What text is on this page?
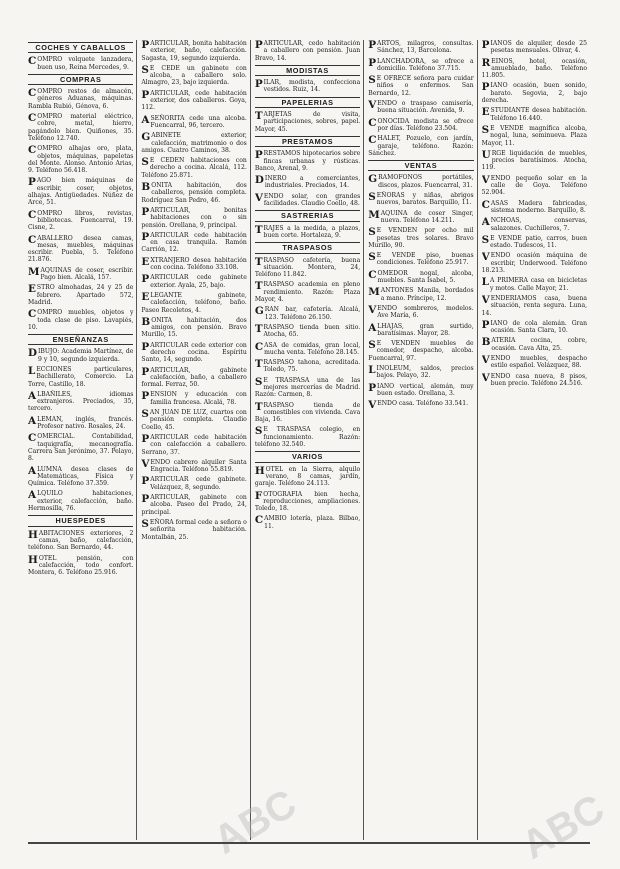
COCHES Y CABALLOS
COMPRO volquete lanzadera, buen uso, Reina Mercedes, 9.
COMPRAS
COMPRO restos de almacén, géneros Aduanas, máquinas. Rambla Rubió, Génova, 6.
COMPRO material eléctrico, cobre, metal, hierro, pagándolo bien. Quiñones, 35. Teléfono 12.740.
COMPRO alhajas oro, plata, objetos, máquinas, papeletas del Monte. Alonso. Antonio Arias, 9. Teléfono 56.418.
PAGO bien máquinas de escribir, coser, objetos, alhajas. Antigüedades. Núñez de Arce, 51.
COMPRO libros, revistas, bibliotecas. Fuencarral, 19. Cisne, 2.
CABALLERO desea camas, mesas, muebles, máquinas escribir. Puebla, 5. Teléfono 21.876.
MAQUINAS de coser, escribir. Pago bien. Alcalá, 157.
ESTRO almohadas, 24 y 25 de febrero. Apartado 572, Madrid.
COMPRO muebles, objetos y toda clase de piso. Lavapiés, 10.
ENSEÑANZAS
DIBUJO: Academia Martínez, de 9 y 10, segundo izquierda.
LECCIONES particulares, Bachillerato, Comercio. La Torre, Castillo, 18.
ALBAÑILES, idiomas extranjeros. Preciados, 35, tercero.
ALEMAN, inglés, francés. Profesor nativo. Rosales, 24.
COMERCIAL. Contabilidad, taquigrafía, mecanografía. Carrera San Jerónimo, 37. Pelayo, 8.
ALUMNA desea clases de Matemáticas, Física y Química. Teléfono 37.359.
ALQUILO habitaciones, exterior, calefacción, baño. Hermosilla, 76.
HUESPEDES
HABITACIONES exteriores, 2 camas, baño, calefacción, teléfono. San Bernardo, 44.
HOTEL pensión, con calefacción, todo confort. Montera, 6. Teléfono 25.916.
PARTICULAR, bonita habitación exterior, baño, calefacción. Sagasta, 19, segundo izquierda.
SE CEDE un gabinete con alcoba, a caballero solo. Almagro, 23, bajo izquierda.
PARTICULAR, cede habitación exterior, dos caballeros. Goya, 112.
ASEÑORITA cede una alcoba. Fuencarral, 96, tercero.
GABINETE exterior, calefacción, matrimonio o dos amigos. Cuatro Caminos, 38.
SE CEDEN habitaciones con derecho a cocina. Alcalá, 112. Teléfono 25.871.
BONITA habitación, dos caballeros, pensión completa. Rodríguez San Pedro, 46.
PARTICULAR, bonitas habitaciones con o sin pensión. Orellana, 9, principal.
PARTICULAR cede habitación en casa tranquila. Ramón Carrión, 12.
EXTRANJERO desea habitación con cocina. Teléfono 33.108.
PARTICULAR cede gabinete exterior. Ayala, 25, bajo.
ELEGANTE gabinete, calefacción, teléfono, baño. Paseo Recoletos, 4.
BONITA habitación, dos amigos, con pensión. Bravo Murillo, 15.
PARTICULAR cede exterior con derecho cocina. Espíritu Santo, 14, segundo.
PARTICULAR, gabinete calefacción, baño, a caballero formal. Ferraz, 50.
PENSION y educación con familia francesa. Alcalá, 78.
SAN JUAN DE LUZ, cuartos con pensión completa. Claudio Coello, 45.
PARTICULAR cede habitación con calefacción a caballero. Serrano, 37.
VENDO cabrero alquiler Santa Engracia. Teléfono 55.819.
PARTICULAR cede gabinete. Velázquez, 8, segundo.
PARTICULAR, gabinete con alcoba. Paseo del Prado, 24, principal.
SEÑORA formal cede a señora o señorita habitación. Montalbán, 25.
PARTICULAR, cedo habitación a caballero con pensión. Juan Bravo, 14.
MODISTAS
PILAR, modista, confecciona vestidos. Ruiz, 14.
PAPELERIAS
TARJETAS de visita, participaciones, sobres, papel. Mayor, 45.
PRESTAMOS
PRESTAMOS hipotecarios sobre fincas urbanas y rústicas. Banco, Arenal, 9.
DINERO a comerciantes, industriales. Preciados, 14.
VENDO solar, con grandes facilidades. Claudio Coello, 48.
SASTRERIAS
TRAJES a la medida, a plazos, buen corte. Hortaleza, 9.
TRASPASOS
TRASPASO cafetería, buena situación. Montera, 24, Teléfono 11.842.
TRASPASO academia en pleno rendimiento. Razón: Plaza Mayor, 4.
GRAN bar, cafetería. Alcalá, 123. Teléfono 26.150.
TRASPASO tienda buen sitio. Atocha, 65.
CASA de comidas, gran local, mucha venta. Teléfono 28.145.
TRASPASO tahona, acreditada. Toledo, 75.
SE TRASPASA una de las mejores mercerías de Madrid. Razón: Carmen, 8.
TRASPASO tienda de comestibles con vivienda. Cava Baja, 16.
SE TRASPASA colegio, en funcionamiento. Razón: teléfono 32.540.
VARIOS
HOTEL en la Sierra, alquilo verano, 8 camas, jardín, garaje. Teléfono 24.113.
FOTOGRAFIA bien hecha, reproducciones, ampliaciones. Toledo, 18.
CAMBIO lotería, plaza. Bilbao, 11.
PARTOS, milagros, consultas. Sánchez, 13, Barcelona.
PLANCHADORA, se ofrece a domicilio. Teléfono 37.715.
SE OFRECE señora para cuidar niños o enfermos. San Bernardo, 12.
VENDO o traspaso camisería, buena situación. Avenida, 9.
CONOCIDA modista se ofrece por días. Teléfono 23.504.
CHALET, Pozuelo, con jardín, garaje, teléfono. Razón: Sánchez.
VENTAS
GRAMOFONOS portátiles, discos, plazos. Fuencarral, 31.
SEÑORAS y niñas, abrigos nuevos, baratos. Barquillo, 11.
MAQUINA de coser Singer, nueva. Teléfono 14.211.
SE VENDEN por ocho mil pesetas tres solares. Bravo Murillo, 90.
SE VENDE piso, buenas condiciones. Teléfono 25.917.
COMEDOR nogal, alcoba, muebles. Santa Isabel, 5.
MANTONES Manila, bordados a mano. Príncipe, 12.
VENDO sombreros, modelos. Ave María, 6.
ALHAJAS, gran surtido, baratísimas. Mayor, 28.
SE VENDEN muebles de comedor, despacho, alcoba. Fuencarral, 97.
LINOLEUM, saldos, precios bajos. Pelayo, 32.
PIANO vertical, alemán, muy buen estado. Orellana, 3.
VENDO casa. Teléfono 33.541.
PIANOS de alquiler, desde 25 pesetas mensuales. Olivar, 4.
REINOS, hotel, ocasión, amueblado, baño. Teléfono 11.805.
PIANO ocasión, buen sonido, barato. Segovia, 2, bajo derecha.
ESTUDIANTE desea habitación. Teléfono 16.440.
SE VENDE magnífica alcoba, nogal, luna, seminueva. Plaza Mayor, 11.
URGE liquidación de muebles, precios baratísimos. Atocha, 119.
VENDO pequeño solar en la calle de Goya. Teléfono 52.904.
CASAS Madera fabricadas, sistema moderno. Barquillo, 8.
ANCHOAS, conservas, salazones. Cuchilleros, 7.
SE VENDE patio, carros, buen estado. Tudescos, 11.
VENDO ocasión máquina de escribir, Underwood. Teléfono 18.213.
LA PRIMERA casa en bicicletas y motos. Calle Mayor, 21.
VENDERIAMOS casa, buena situación, renta segura. Luna, 14.
PIANO de cola alemán. Gran ocasión. Santa Clara, 10.
BATERIA cocina, cobre, ocasión. Cava Alta, 25.
VENDO muebles, despacho estilo español. Velázquez, 88.
VENDO casa nueva, 8 pisos, buen precio. Teléfono 24.516.
ABC	ABC
